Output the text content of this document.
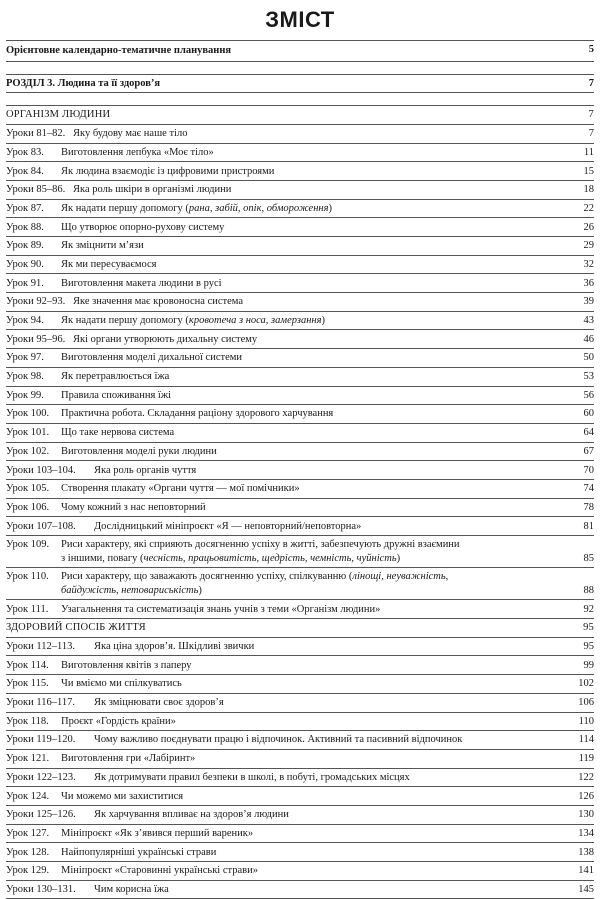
ЗМІСТ
Орієнтовне календарно-тематичне планування	5
РОЗДІЛ 3. Людина та її здоров’я	7
ОРГАНІЗМ ЛЮДИНИ	7
Уроки 81–82. Яку будову має наше тіло	7
Урок 83. Виготовлення лепбука «Моє тіло»	11
Урок 84. Як людина взаємодіє із цифровими пристроями	15
Уроки 85–86. Яка роль шкіри в організмі людини	18
Урок 87. Як надати першу допомогу (рана, забій, опік, обмороження)	22
Урок 88. Що утворює опорно-рухову систему	26
Урок 89. Як зміцнити м’язи	29
Урок 90. Як ми пересуваємося	32
Урок 91. Виготовлення макета людини в русі	36
Уроки 92–93. Яке значення має кровоносна система	39
Урок 94. Як надати першу допомогу (кровотеча з носа, замерзання)	43
Уроки 95–96. Які органи утворюють дихальну систему	46
Урок 97. Виготовлення моделі дихальної системи	50
Урок 98. Як перетравлюється їжа	53
Урок 99. Правила споживання їжі	56
Урок 100. Практична робота. Складання раціону здорового харчування	60
Урок 101. Що таке нервова система	64
Урок 102. Виготовлення моделі руки людини	67
Уроки 103–104. Яка роль органів чуття	70
Урок 105. Створення плакату «Органи чуття — мої помічники»	74
Урок 106. Чому кожний з нас неповторний	78
Уроки 107–108. Дослідницький мініпроєкт «Я — неповторний/неповторна»	81
Урок 109. Риси характеру, які сприяють досягненню успіху в житті, забезпечують дружні взаємини
з іншими, повагу (чесність, працьовитість, щедрість, чемність, чуйність)	85
Урок 110. Риси характеру, що заважають досягненню успіху, спілкуванню (лінощі, неуважність,
байдужість, нетовариськість)	88
Урок 111. Узагальнення та систематизація знань учнів з теми «Організм людини»	92
ЗДОРОВИЙ СПОСІБ ЖИТТЯ	95
Уроки 112–113. Яка ціна здоров’я. Шкідливі звички	95
Урок 114. Виготовлення квітів з паперу	99
Урок 115. Чи вміємо ми спілкуватись	102
Уроки 116–117. Як зміцнювати своє здоров’я	106
Урок 118. Проєкт «Гордість країни»	110
Уроки 119–120. Чому важливо поєднувати працю і відпочинок. Активний та пасивний відпочинок	114
Урок 121. Виготовлення гри «Лабіринт»	119
Уроки 122–123. Як дотримувати правил безпеки в школі, в побуті, громадських місцях	122
Урок 124. Чи можемо ми захиститися	126
Уроки 125–126. Як харчування впливає на здоров’я людини	130
Урок 127. Мініпроєкт «Як з’явився перший вареник»	134
Урок 128. Найпопулярніші українські страви	138
Урок 129. Мініпроєкт «Старовинні українські страви»	141
Уроки 130–131. Чим корисна їжа	145
